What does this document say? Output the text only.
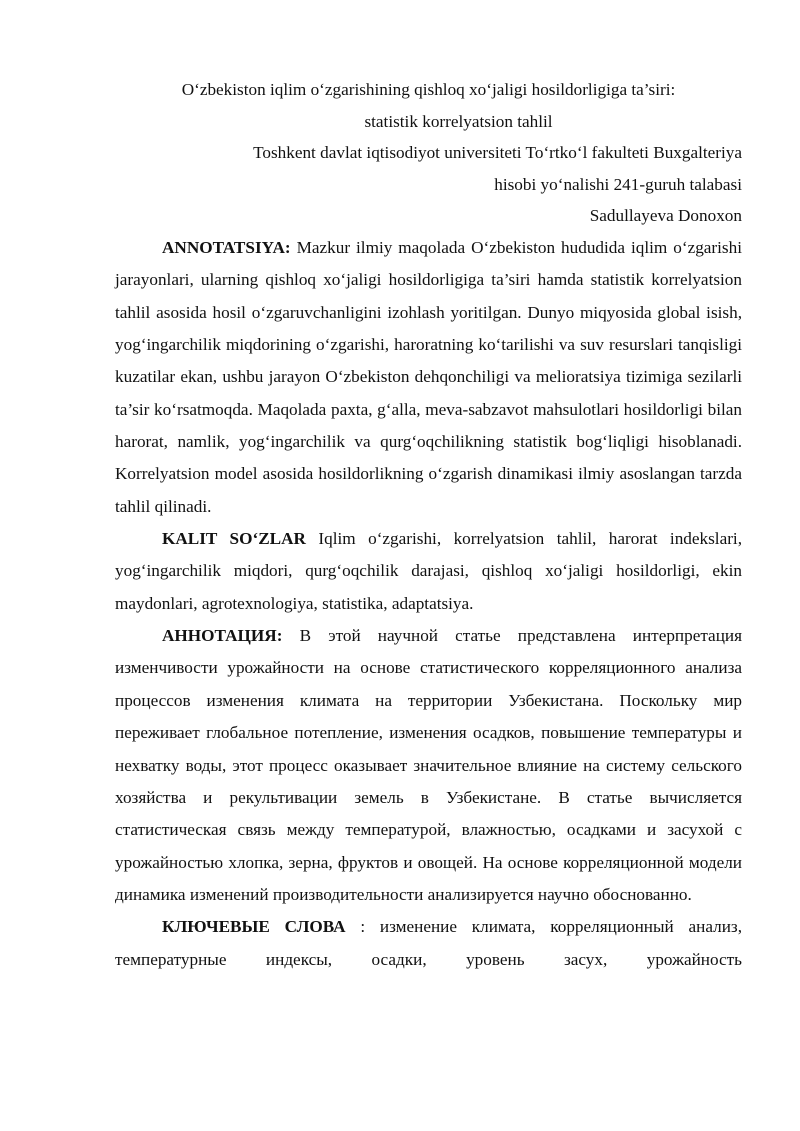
O‘zbekiston iqlim o‘zgarishining qishloq xo‘jaligi hosildorligiga ta’siri:
statistik korrelyatsion tahlil
Toshkent davlat iqtisodiyot universiteti To‘rtko‘l fakulteti Buxgalteriya
hisobi yo‘nalishi 241-guruh talabasi
Sadullayeva Donoxon

ANNOTATSIYA: Mazkur ilmiy maqolada O‘zbekiston hududida iqlim o‘zgarishi jarayonlari, ularning qishloq xo‘jaligi hosildorligiga ta’siri hamda statistik korrelyatsion tahlil asosida hosil o‘zgaruvchanligini izohlash yoritilgan. Dunyo miqyosida global isish, yog‘ingarchilik miqdorining o‘zgarishi, haroratning ko‘tarilishi va suv resurslari tanqisligi kuzatilar ekan, ushbu jarayon O‘zbekiston dehqonchiligi va melioratsiya tizimiga sezilarli ta’sir ko‘rsatmoqda. Maqolada paxta, g‘alla, meva-sabzavot mahsulotlari hosildorligi bilan harorat, namlik, yog‘ingarchilik va qurg‘oqchilikning statistik bog‘liqligi hisoblanadi. Korrelyatsion model asosida hosildorlikning o‘zgarish dinamikasi ilmiy asoslangan tarzda tahlil qilinadi.

KALIT SO‘ZLAR Iqlim o‘zgarishi, korrelyatsion tahlil, harorat indekslari, yog‘ingarchilik miqdori, qurg‘oqchilik darajasi, qishloq xo‘jaligi hosildorligi, ekin maydonlari, agrotexnologiya, statistika, adaptatsiya.

АННОТАЦИЯ: В этой научной статье представлена интерпретация изменчивости урожайности на основе статистического корреляционного анализа процессов изменения климата на территории Узбекистана. Поскольку мир переживает глобальное потепление, изменения осадков, повышение температуры и нехватку воды, этот процесс оказывает значительное влияние на систему сельского хозяйства и рекультивации земель в Узбекистане. В статье вычисляется статистическая связь между температурой, влажностью, осадками и засухой с урожайностью хлопка, зерна, фруктов и овощей. На основе корреляционной модели динамика изменений производительности анализируется научно обоснованно.

КЛЮЧЕВЫЕ СЛОВА : изменение климата, корреляционный анализ, температурные индексы, осадки, уровень засух, урожайность
